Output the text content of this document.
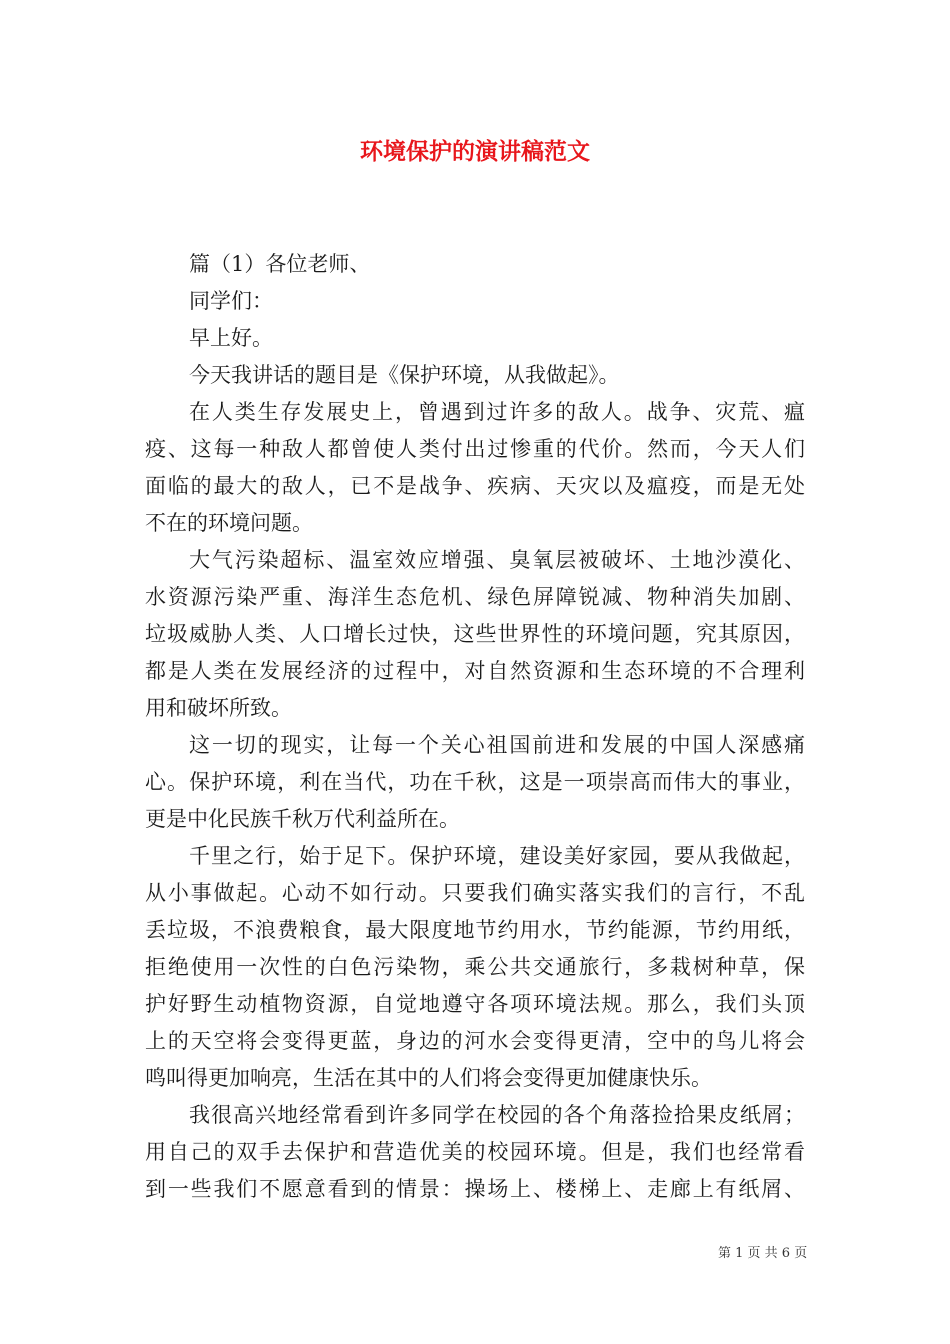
环境保护的演讲稿范文
篇（1）各位老师、
同学们：
早上好。
今天我讲话的题目是《保护环境，从我做起》。
在人类生存发展史上，曾遇到过许多的敌人。战争、灾荒、瘟
疫、这每一种敌人都曾使人类付出过惨重的代价。然而，今天人们
面临的最大的敌人，已不是战争、疾病、天灾以及瘟疫，而是无处
不在的环境问题。
大气污染超标、温室效应增强、臭氧层被破坏、土地沙漠化、
水资源污染严重、海洋生态危机、绿色屏障锐减、物种消失加剧、
垃圾威胁人类、人口增长过快，这些世界性的环境问题，究其原因，
都是人类在发展经济的过程中，对自然资源和生态环境的不合理利
用和破坏所致。
这一切的现实，让每一个关心祖国前进和发展的中国人深感痛
心。保护环境，利在当代，功在千秋，这是一项崇高而伟大的事业，
更是中化民族千秋万代利益所在。
千里之行，始于足下。保护环境，建设美好家园，要从我做起，
从小事做起。心动不如行动。只要我们确实落实我们的言行，不乱
丢垃圾，不浪费粮食，最大限度地节约用水，节约能源，节约用纸，
拒绝使用一次性的白色污染物，乘公共交通旅行，多栽树种草，保
护好野生动植物资源，自觉地遵守各项环境法规。那么，我们头顶
上的天空将会变得更蓝，身边的河水会变得更清，空中的鸟儿将会
鸣叫得更加响亮，生活在其中的人们将会变得更加健康快乐。
我很高兴地经常看到许多同学在校园的各个角落捡拾果皮纸屑；
用自己的双手去保护和营造优美的校园环境。但是，我们也经常看
到一些我们不愿意看到的情景：操场上、楼梯上、走廊上有纸屑、
第 1 页 共 6 页
